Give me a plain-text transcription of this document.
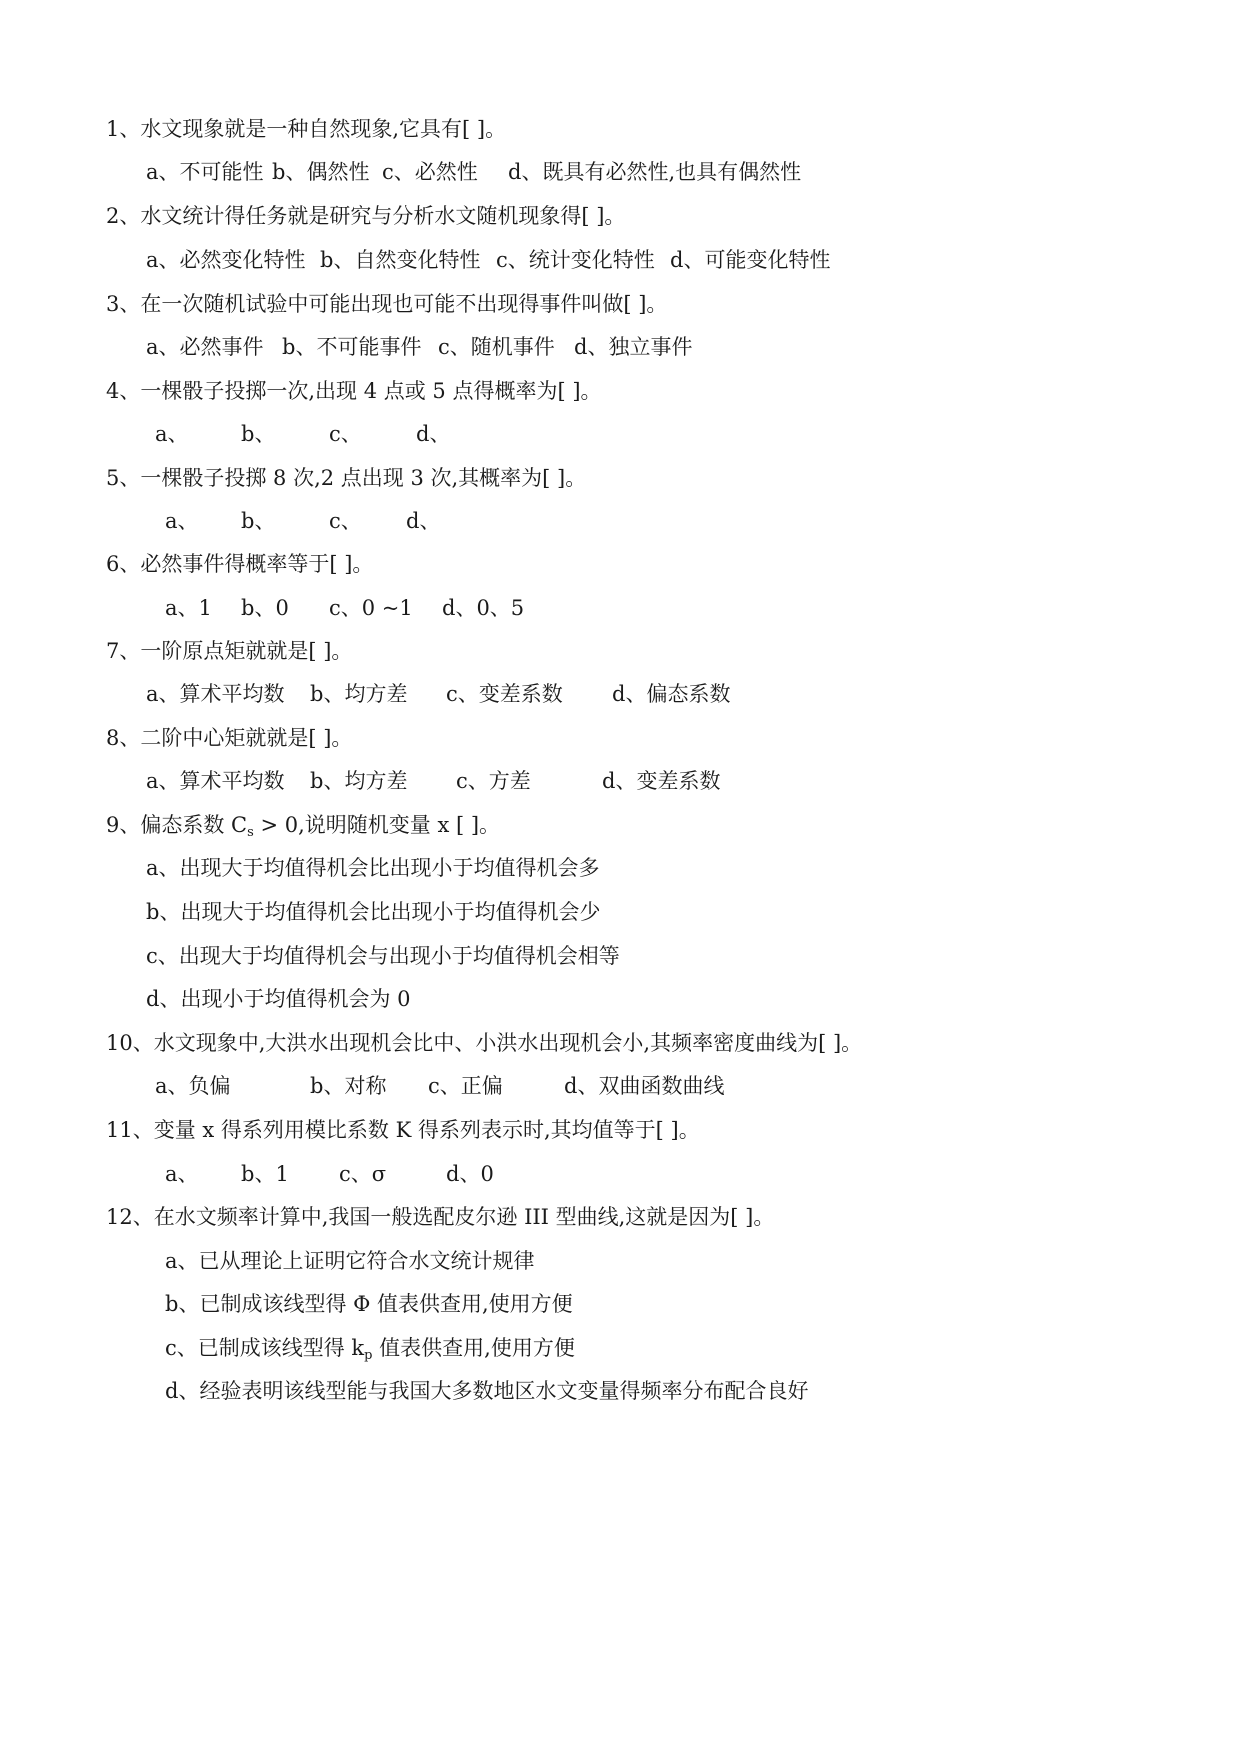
1、水文现象就是一种自然现象,它具有[ ]。
a、不可能性 b、偶然性 c、必然性 d、既具有必然性,也具有偶然性
2、水文统计得任务就是研究与分析水文随机现象得[ ]。
a、必然变化特性 b、自然变化特性 c、统计变化特性 d、可能变化特性
3、在一次随机试验中可能出现也可能不出现得事件叫做[ ]。
a、必然事件 b、不可能事件 c、随机事件 d、独立事件
4、一棵骰子投掷一次,出现 4 点或 5 点得概率为[ ]。
a、 b、	c、	d、
5、一棵骰子投掷 8 次,2 点出现 3 次,其概率为[ ]。
a、 b、	c、 d、
6、必然事件得概率等于[ ]。
a、1 b、0 c、0 ~1 d、0、5
7、一阶原点矩就就是[ ]。
a、算术平均数 b、均方差 c、变差系数 d、偏态系数
8、二阶中心矩就就是[ ]。
a、算术平均数 b、均方差 c、方差	d、变差系数
9、偏态系数 $C_s > 0$,说明随机变量 x [ ]。
a、出现大于均值得机会比出现小于均值得机会多
b、出现大于均值得机会比出现小于均值得机会少
c、出现大于均值得机会与出现小于均值得机会相等
d、出现小于均值得机会为 0
10、水文现象中,大洪水出现机会比中、小洪水出现机会小,其频率密度曲线为[ ]。
a、负偏	b、对称 c、正偏	d、双曲函数曲线
11、变量 x 得系列用模比系数 K 得系列表示时,其均值等于[ ]。
a、 b、1 c、σ	d、0
12、在水文频率计算中,我国一般选配皮尔逊 III 型曲线,这就是因为[ ]。
a、已从理论上证明它符合水文统计规律
b、已制成该线型得 Φ 值表供查用,使用方便
c、已制成该线型得 $k_p$ 值表供查用,使用方便
d、经验表明该线型能与我国大多数地区水文变量得频率分布配合良好
